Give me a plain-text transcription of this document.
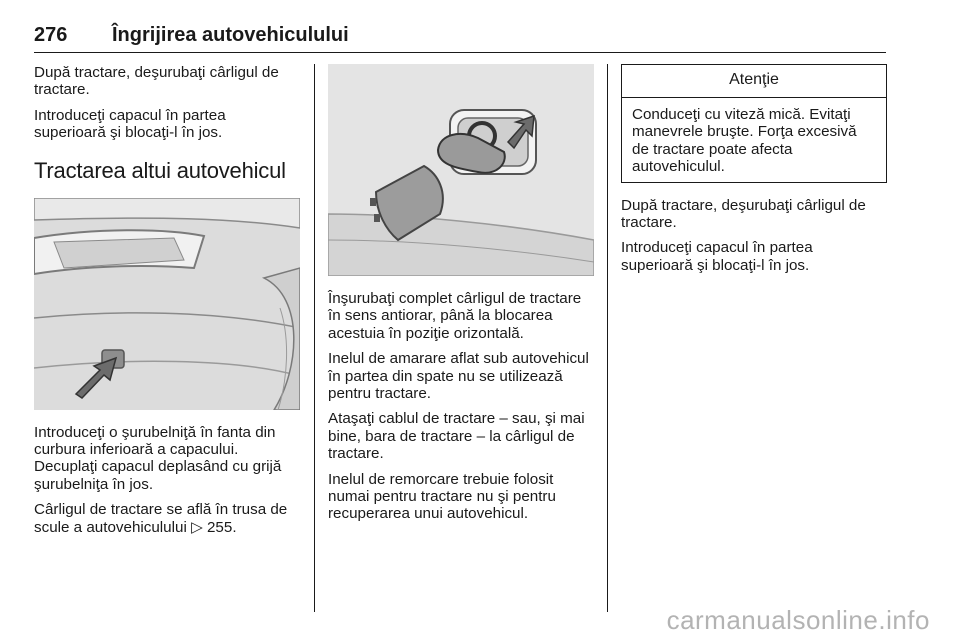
276 Îngrijirea autovehiculului

După tractare, deşurubaţi cârligul de tractare.

Introduceţi capacul în partea superioară şi blocaţi-l în jos.

Tractarea altui autovehicul

Introduceţi o şurubelniţă în fanta din curbura inferioară a capacului. Decuplaţi capacul deplasând cu grijă şurubelniţa în jos.

Cârligul de tractare se află în trusa de scule a autovehiculului ▷ 255.

Înşurubaţi complet cârligul de tractare în sens antiorar, până la blocarea acestuia în poziţie orizontală.

Inelul de amarare aflat sub autovehicul în partea din spate nu se utilizează pentru tractare.

Ataşaţi cablul de tractare – sau, şi mai bine, bara de tractare – la cârligul de tractare.

Inelul de remorcare trebuie folosit numai pentru tractare nu şi pentru recuperarea unui autovehicul.

Atenţie
Conduceţi cu viteză mică. Evitaţi manevrele bruşte. Forţa excesivă de tractare poate afecta autovehiculul.

După tractare, deşurubaţi cârligul de tractare.

Introduceţi capacul în partea superioară şi blocaţi-l în jos.

carmanualsonline.info
